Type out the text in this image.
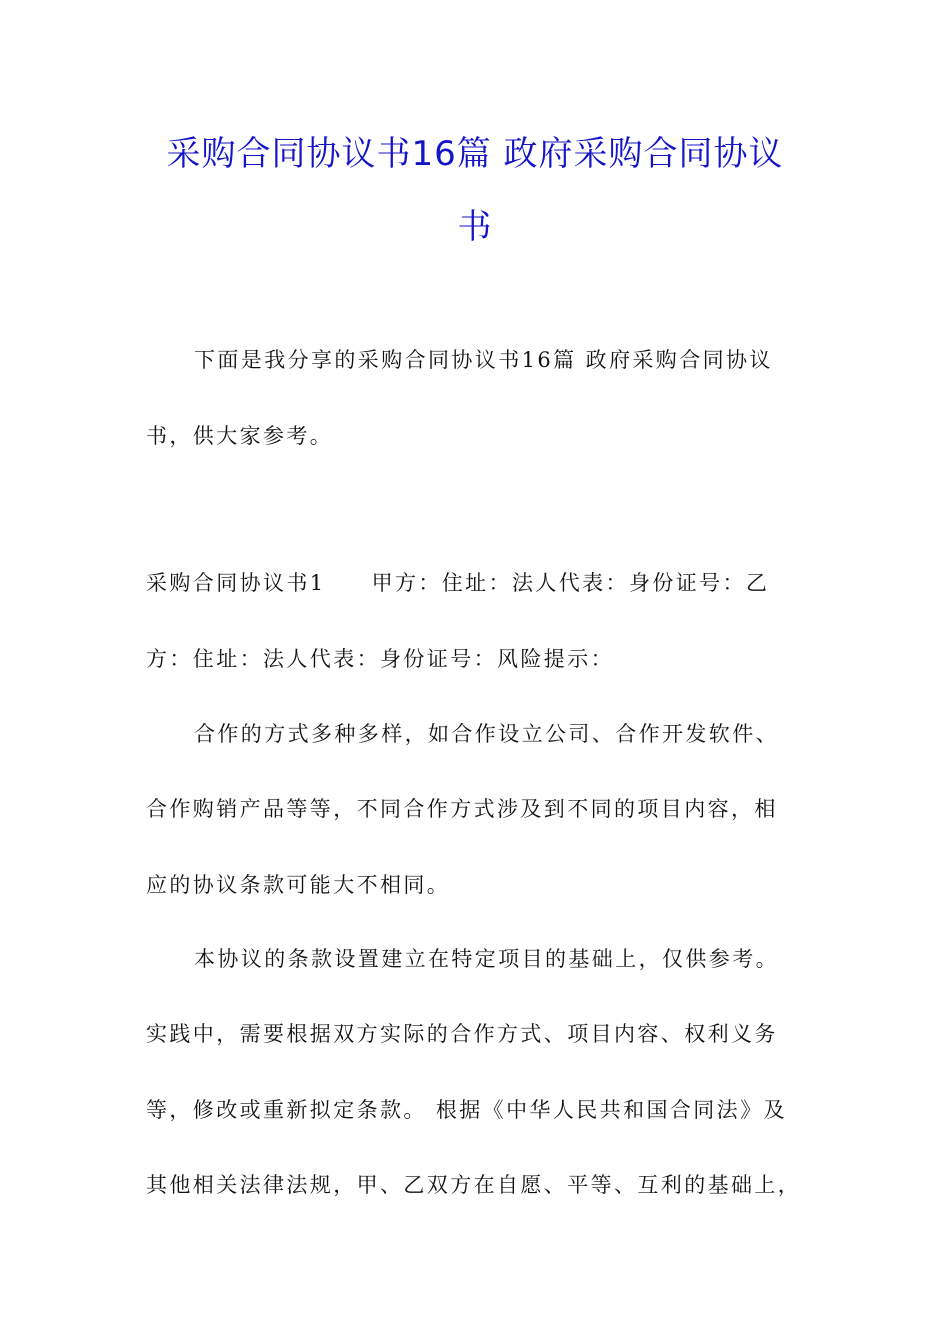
采购合同协议书16篇 政府采购合同协议
书
下面是我分享的采购合同协议书16篇 政府采购合同协议
书，供大家参考。
采购合同协议书1 甲方：住址：法人代表：身份证号：乙
方：住址：法人代表：身份证号：风险提示：
合作的方式多种多样，如合作设立公司、合作开发软件、
合作购销产品等等，不同合作方式涉及到不同的项目内容，相
应的协议条款可能大不相同。
本协议的条款设置建立在特定项目的基础上，仅供参考。
实践中，需要根据双方实际的合作方式、项目内容、权利义务
等，修改或重新拟定条款。 根据《中华人民共和国合同法》及
其他相关法律法规，甲、乙双方在自愿、平等、互利的基础上，
